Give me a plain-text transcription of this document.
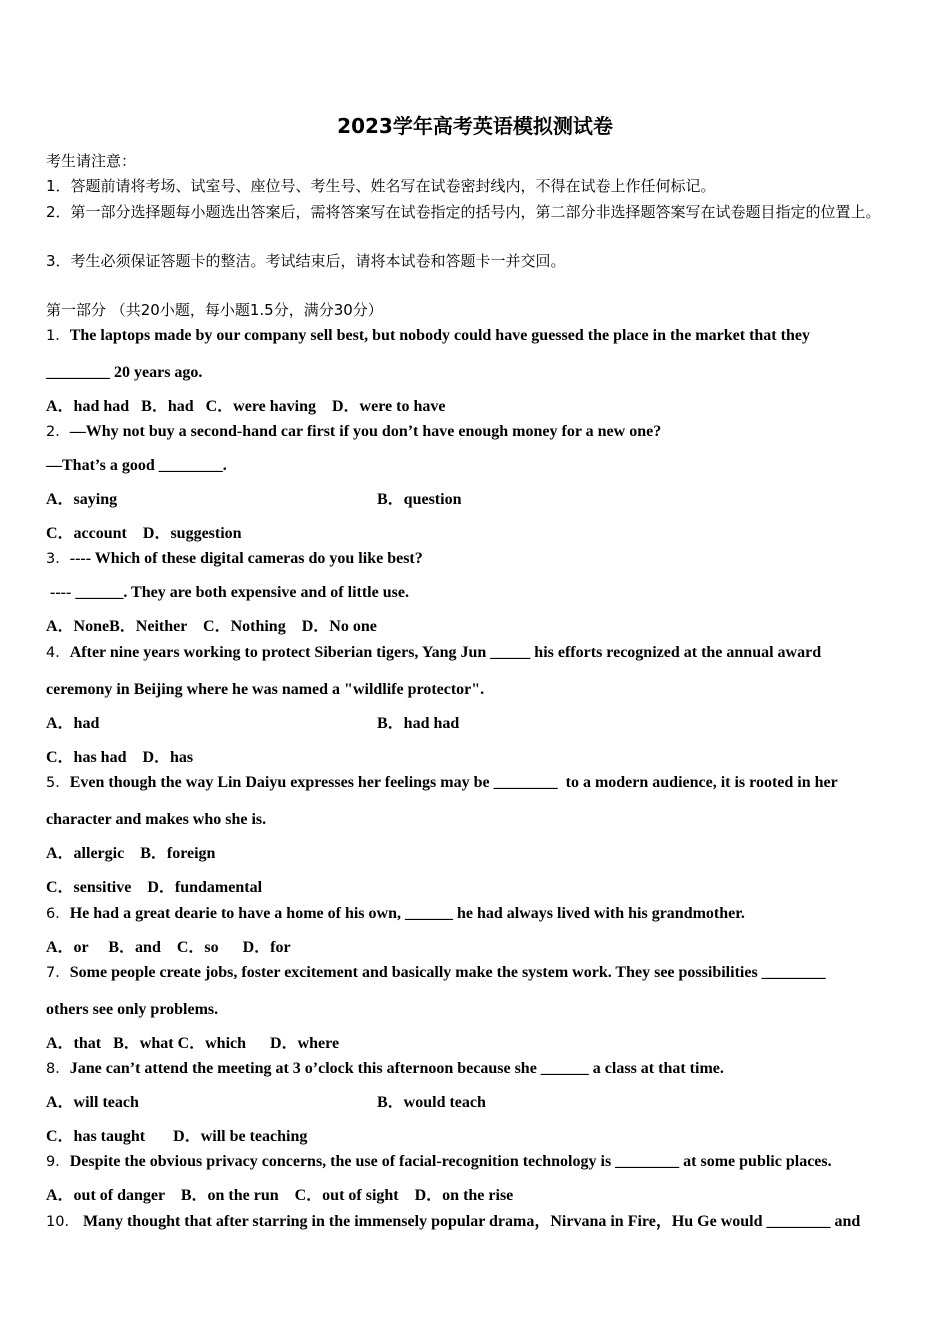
2023学年高考英语模拟测试卷
考生请注意：
1．答题前请将考场、试室号、座位号、考生号、姓名写在试卷密封线内，不得在试卷上作任何标记。
2．第一部分选择题每小题选出答案后，需将答案写在试卷指定的括号内，第二部分非选择题答案写在试卷题目指定的位置上。
3．考生必须保证答题卡的整洁。考试结束后，请将本试卷和答题卡一并交回。
第一部分 （共20小题，每小题1.5分，满分30分）
1．The laptops made by our company sell best, but nobody could have guessed the place in the market that they
________ 20 years ago.
A．had had   B．had   C．were having    D．were to have
2．—Why not buy a second-hand car first if you don’t have enough money for a new one?
—That’s a good ________.
A．saying	B．question
C．account    D．suggestion
3．---- Which of these digital cameras do you like best?
---- ______. They are both expensive and of little use.
A．NoneB．Neither    C．Nothing    D．No one
4．After nine years working to protect Siberian tigers, Yang Jun _____ his efforts recognized at the annual award
ceremony in Beijing where he was named a "wildlife protector".
A．had	B．had had
C．has had    D．has
5．Even though the way Lin Daiyu expresses her feelings may be ________  to a modern audience, it is rooted in her
character and makes who she is.
A．allergic    B．foreign
C．sensitive    D．fundamental
6．He had a great dearie to have a home of his own, ______ he had always lived with his grandmother.
A．or     B．and    C．so      D．for
7．Some people create jobs, foster excitement and basically make the system work. They see possibilities ________
others see only problems.
A．that   B．what C．which      D．where
8．Jane can’t attend the meeting at 3 o’clock this afternoon because she ______ a class at that time.
A．will teach	B．would teach
C．has taught       D．will be teaching
9．Despite the obvious privacy concerns, the use of facial-recognition technology is ________ at some public places.
A．out of danger    B．on the run    C．out of sight    D．on the rise
10． Many thought that after starring in the immensely popular drama，Nirvana in Fire，Hu Ge would ________ and
